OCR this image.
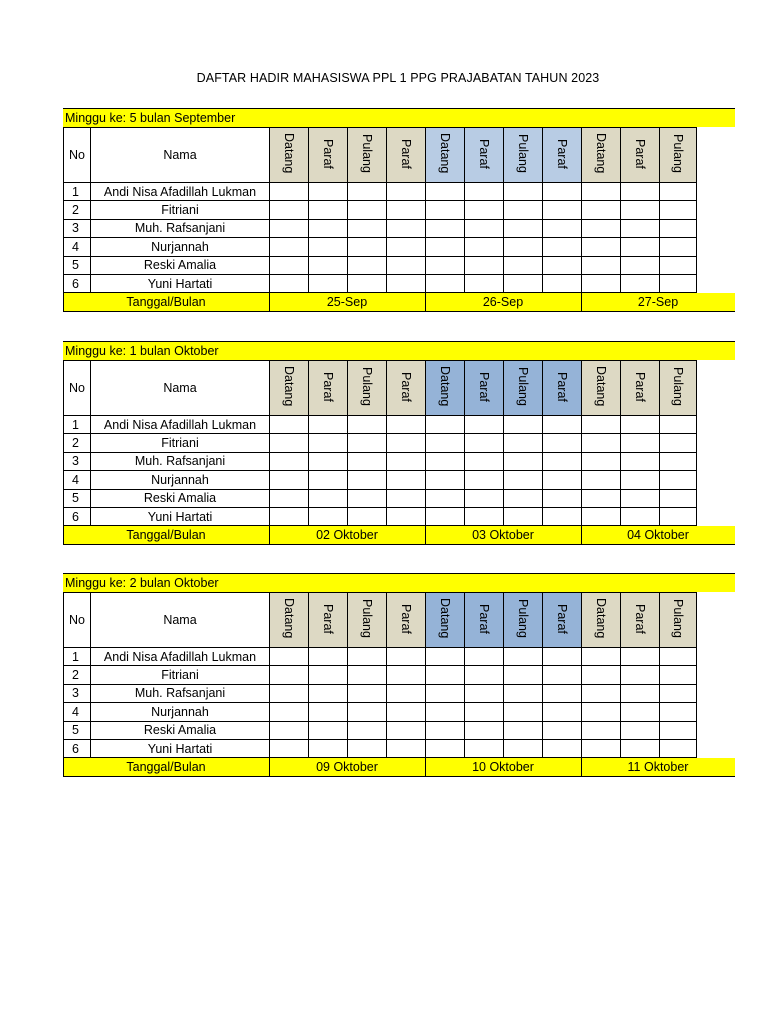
DAFTAR HADIR MAHASISWA PPL 1 PPG PRAJABATAN TAHUN 2023
Minggu ke: 5 bulan September
No	Nama	Datang	Paraf	Pulang	Paraf	Datang	Paraf	Pulang	Paraf	Datang	Paraf	Pulang
1	Andi Nisa Afadillah Lukman											
2	Fitriani											
3	Muh. Rafsanjani											
4	Nurjannah											
5	Reski Amalia											
6	Yuni Hartati											
Tanggal/Bulan	25-Sep	26-Sep	27-Sep
Minggu ke: 1 bulan Oktober
No	Nama	Datang	Paraf	Pulang	Paraf	Datang	Paraf	Pulang	Paraf	Datang	Paraf	Pulang
1	Andi Nisa Afadillah Lukman											
2	Fitriani											
3	Muh. Rafsanjani											
4	Nurjannah											
5	Reski Amalia											
6	Yuni Hartati											
Tanggal/Bulan	02 Oktober	03 Oktober	04 Oktober
Minggu ke: 2 bulan Oktober
No	Nama	Datang	Paraf	Pulang	Paraf	Datang	Paraf	Pulang	Paraf	Datang	Paraf	Pulang
1	Andi Nisa Afadillah Lukman											
2	Fitriani											
3	Muh. Rafsanjani											
4	Nurjannah											
5	Reski Amalia											
6	Yuni Hartati											
Tanggal/Bulan	09 Oktober	10 Oktober	11 Oktober
